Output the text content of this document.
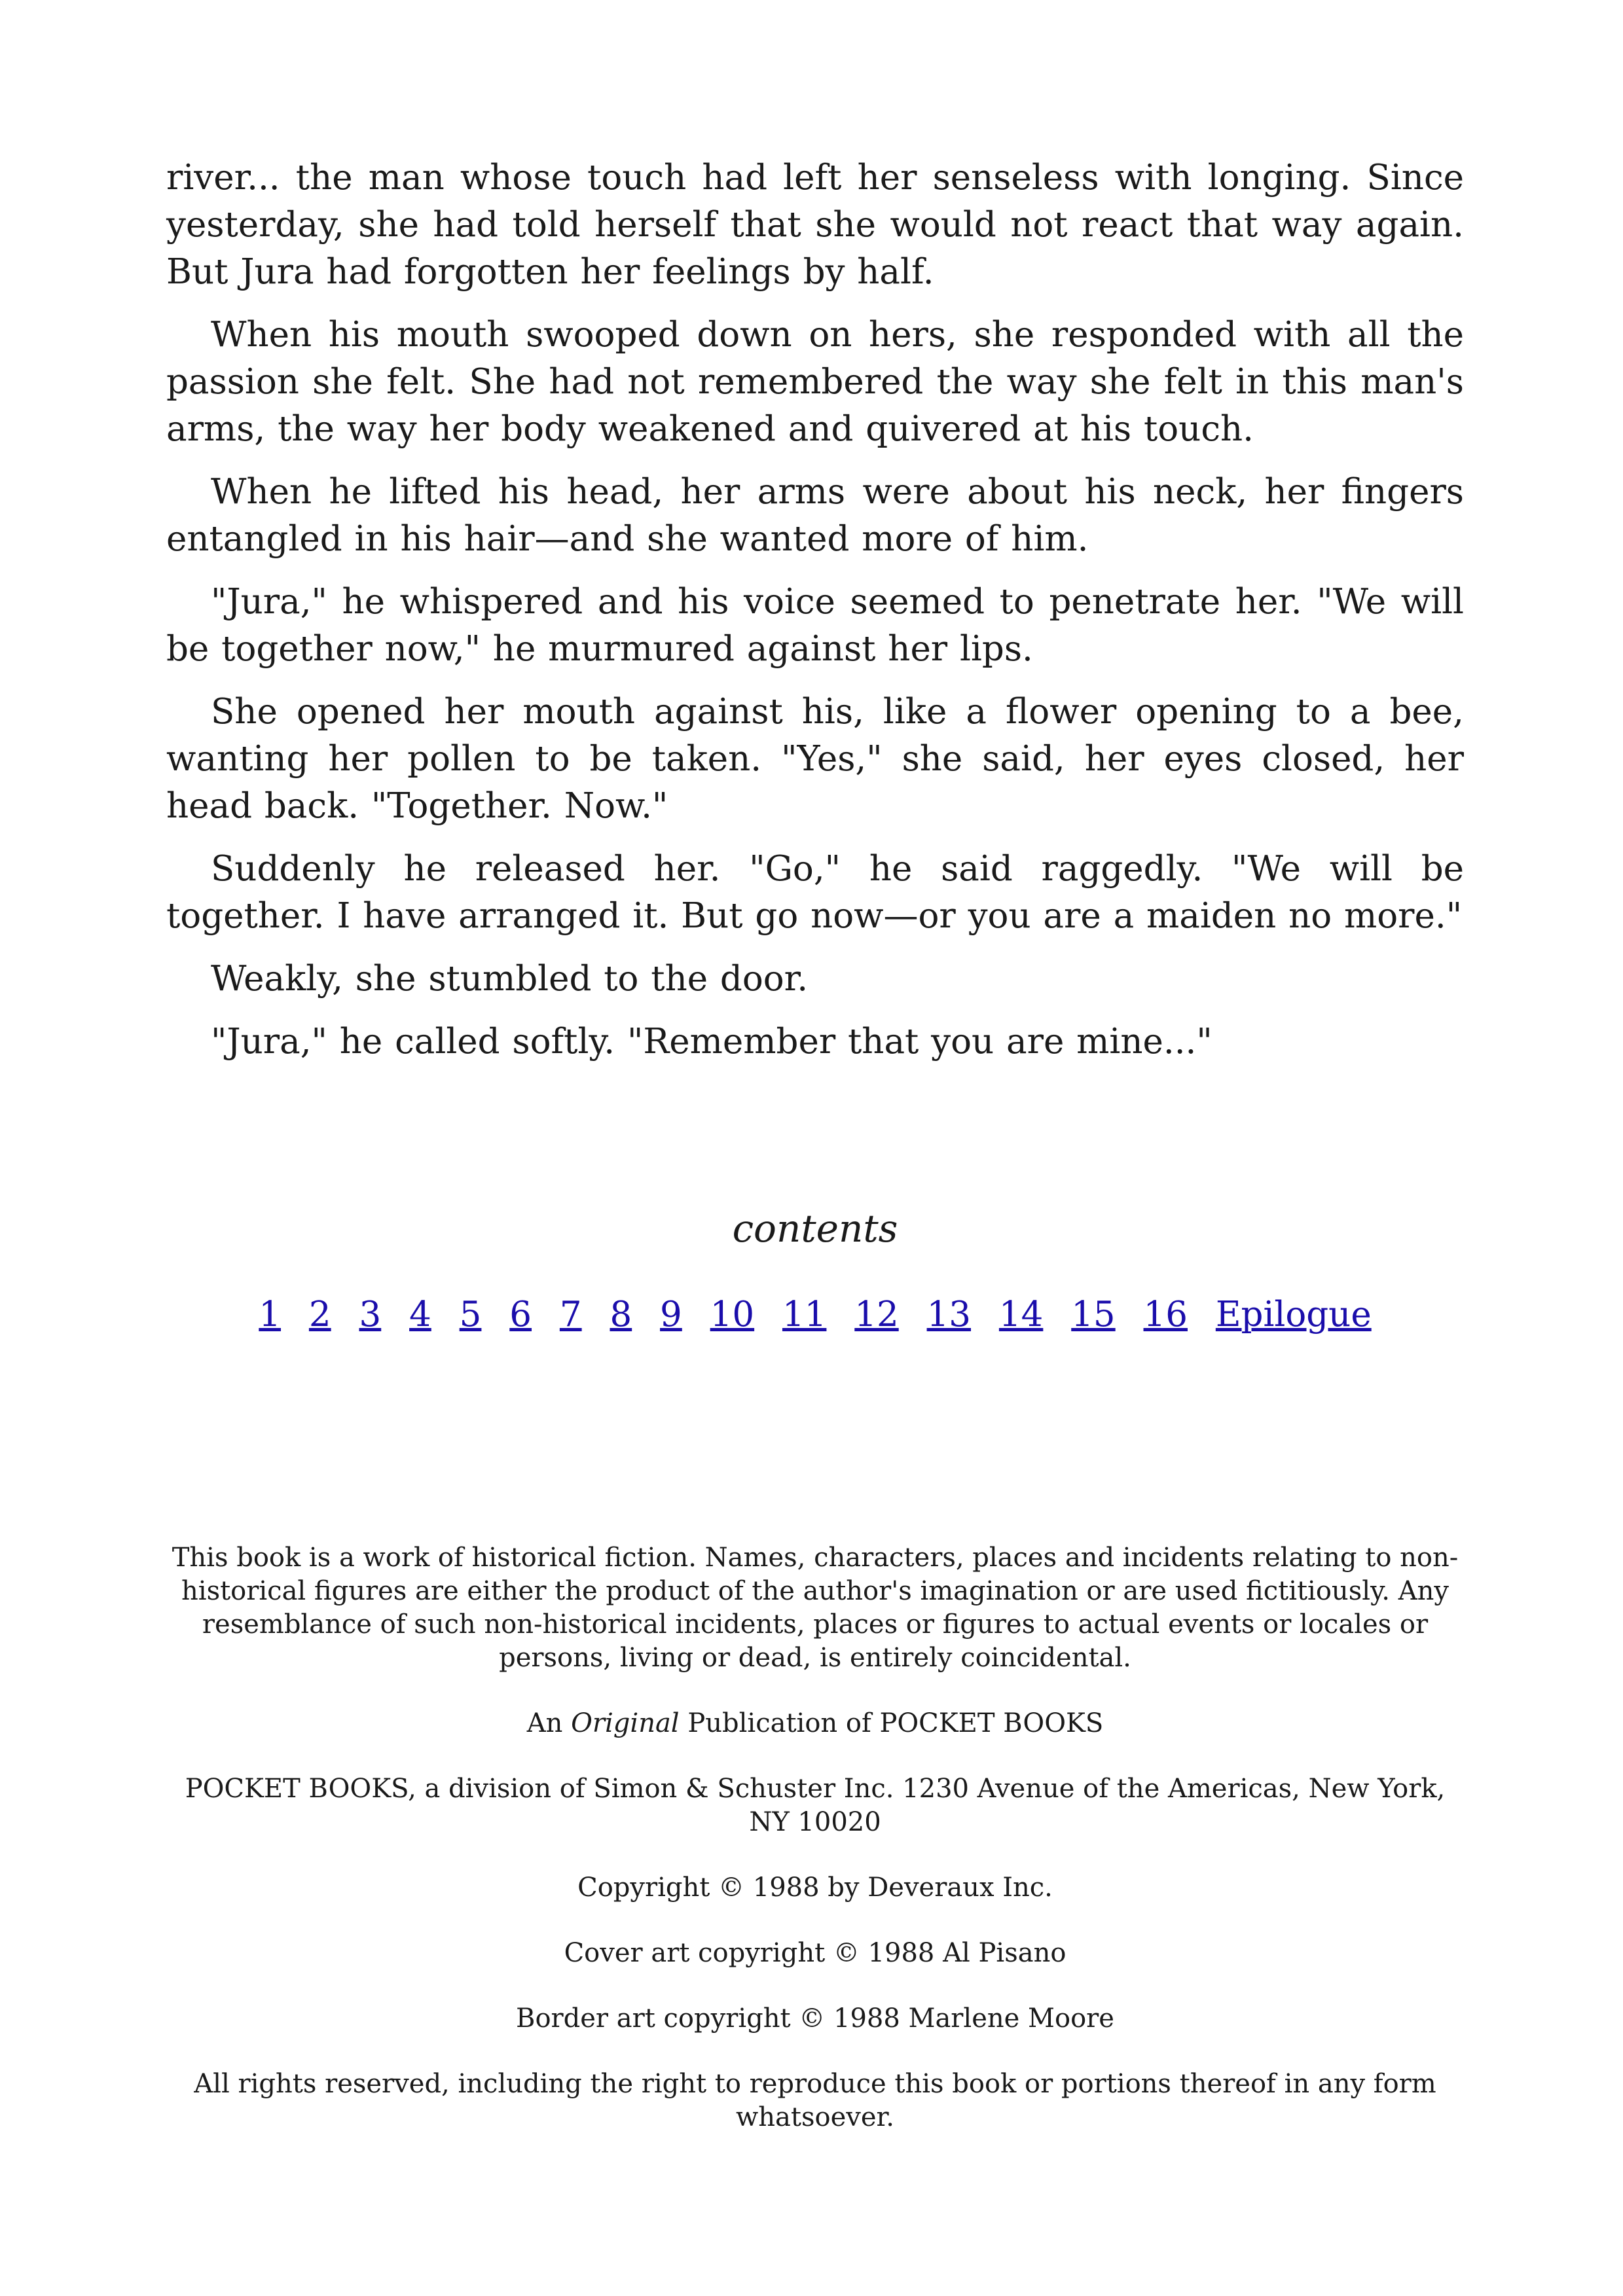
river... the man whose touch had left her senseless with longing. Since yesterday, she had told herself that she would not react that way again. But Jura had forgotten her feelings by half.

When his mouth swooped down on hers, she responded with all the passion she felt. She had not remembered the way she felt in this man's arms, the way her body weakened and quivered at his touch.

When he lifted his head, her arms were about his neck, her fingers entangled in his hair—and she wanted more of him.

"Jura," he whispered and his voice seemed to penetrate her. "We will be together now," he murmured against her lips.

She opened her mouth against his, like a flower opening to a bee, wanting her pollen to be taken. "Yes," she said, her eyes closed, her head back. "Together. Now."

Suddenly he released her. "Go," he said raggedly. "We will be together. I have arranged it. But go now—or you are a maiden no more."

Weakly, she stumbled to the door.

"Jura," he called softly. "Remember that you are mine..."

contents

1 2 3 4 5 6 7 8 9 10 11 12 13 14 15 16 Epilogue

This book is a work of historical fiction. Names, characters, places and incidents relating to non-historical figures are either the product of the author's imagination or are used fictitiously. Any resemblance of such non-historical incidents, places or figures to actual events or locales or persons, living or dead, is entirely coincidental.

An Original Publication of POCKET BOOKS

POCKET BOOKS, a division of Simon & Schuster Inc. 1230 Avenue of the Americas, New York, NY 10020

Copyright © 1988 by Deveraux Inc.

Cover art copyright © 1988 Al Pisano

Border art copyright © 1988 Marlene Moore

All rights reserved, including the right to reproduce this book or portions thereof in any form whatsoever.
